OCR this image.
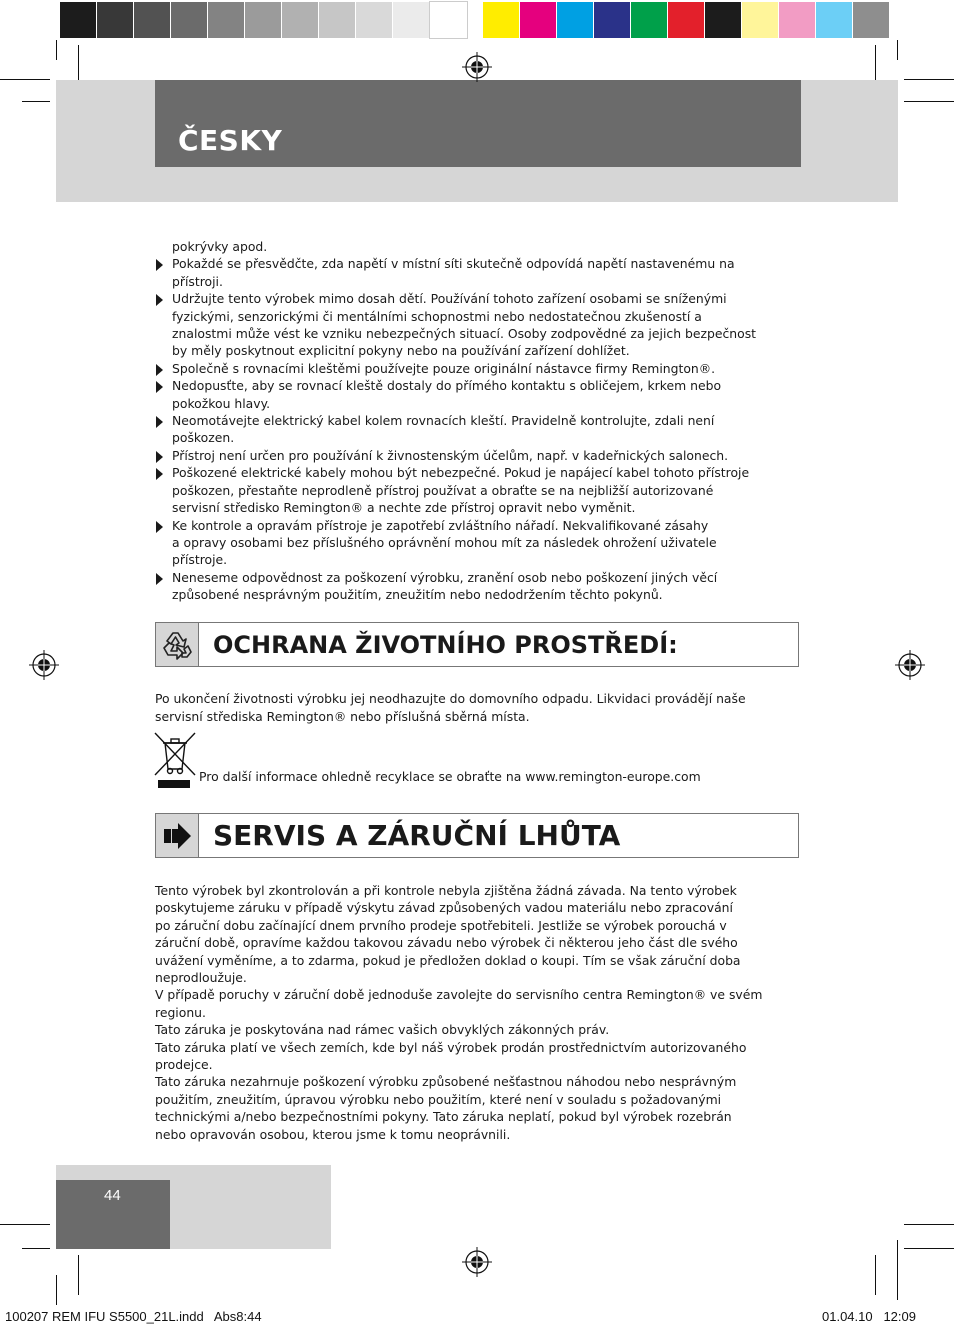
ČESKY
pokrývky apod.
Pokaždé se přesvědčte, zda napětí v místní síti skutečně odpovídá napětí nastavenému na
přístroji.
Udržujte tento výrobek mimo dosah dětí. Používání tohoto zařízení osobami se sníženými
fyzickými, senzorickými či mentálními schopnostmi nebo nedostatečnou zkušeností a
znalostmi může vést ke vzniku nebezpečných situací. Osoby zodpovědné za jejich bezpečnost
by měly poskytnout explicitní pokyny nebo na používání zařízení dohlížet.
Společně s rovnacími kleštěmi používejte pouze originální nástavce firmy Remington®.
Nedopusťte, aby se rovnací kleště dostaly do přímého kontaktu s obličejem, krkem nebo
pokožkou hlavy.
Neomotávejte elektrický kabel kolem rovnacích kleští. Pravidelně kontrolujte, zdali není
poškozen.
Přístroj není určen pro používání k živnostenským účelům, např. v kadeřnických salonech.
Poškozené elektrické kabely mohou být nebezpečné. Pokud je napájecí kabel tohoto přístroje
poškozen, přestaňte neprodleně přístroj používat a obraťte se na nejbližší autorizované
servisní středisko Remington® a nechte zde přístroj opravit nebo vyměnit.
Ke kontrole a opravám přístroje je zapotřebí zvláštního nářadí. Nekvalifikované zásahy
a opravy osobami bez příslušného oprávnění mohou mít za následek ohrožení uživatele
přístroje.
Neneseme odpovědnost za poškození výrobku, zranění osob nebo poškození jiných věcí
způsobené nesprávným použitím, zneužitím nebo nedodržením těchto pokynů.
OCHRANA ŽIVOTNÍHO PROSTŘEDÍ:
Po ukončení životnosti výrobku jej neodhazujte do domovního odpadu. Likvidaci provádějí naše
servisní střediska Remington® nebo příslušná sběrná místa.
Pro další informace ohledně recyklace se obraťte na www.remington-europe.com
SERVIS A ZÁRUČNÍ LHŮTA
Tento výrobek byl zkontrolován a při kontrole nebyla zjištěna žádná závada. Na tento výrobek
poskytujeme záruku v případě výskytu závad způsobených vadou materiálu nebo zpracování
po záruční dobu začínající dnem prvního prodeje spotřebiteli. Jestliže se výrobek porouchá v
záruční době, opravíme každou takovou závadu nebo výrobek či některou jeho část dle svého
uvážení vyměníme, a to zdarma, pokud je předložen doklad o koupi. Tím se však záruční doba
neprodloužuje.
V případě poruchy v záruční době jednoduše zavolejte do servisního centra Remington® ve svém
regionu.
Tato záruka je poskytována nad rámec vašich obvyklých zákonných práv.
Tato záruka platí ve všech zemích, kde byl náš výrobek prodán prostřednictvím autorizovaného
prodejce.
Tato záruka nezahrnuje poškození výrobku způsobené nešťastnou náhodou nebo nesprávným
použitím, zneužitím, úpravou výrobku nebo použitím, které není v souladu s požadovanými
technickými a/nebo bezpečnostními pokyny. Tato záruka neplatí, pokud byl výrobek rozebrán
nebo opravován osobou, kterou jsme k tomu neoprávnili.
44
100207 REM IFU S5500_21L.indd   Abs8:44	01.04.10   12:09
